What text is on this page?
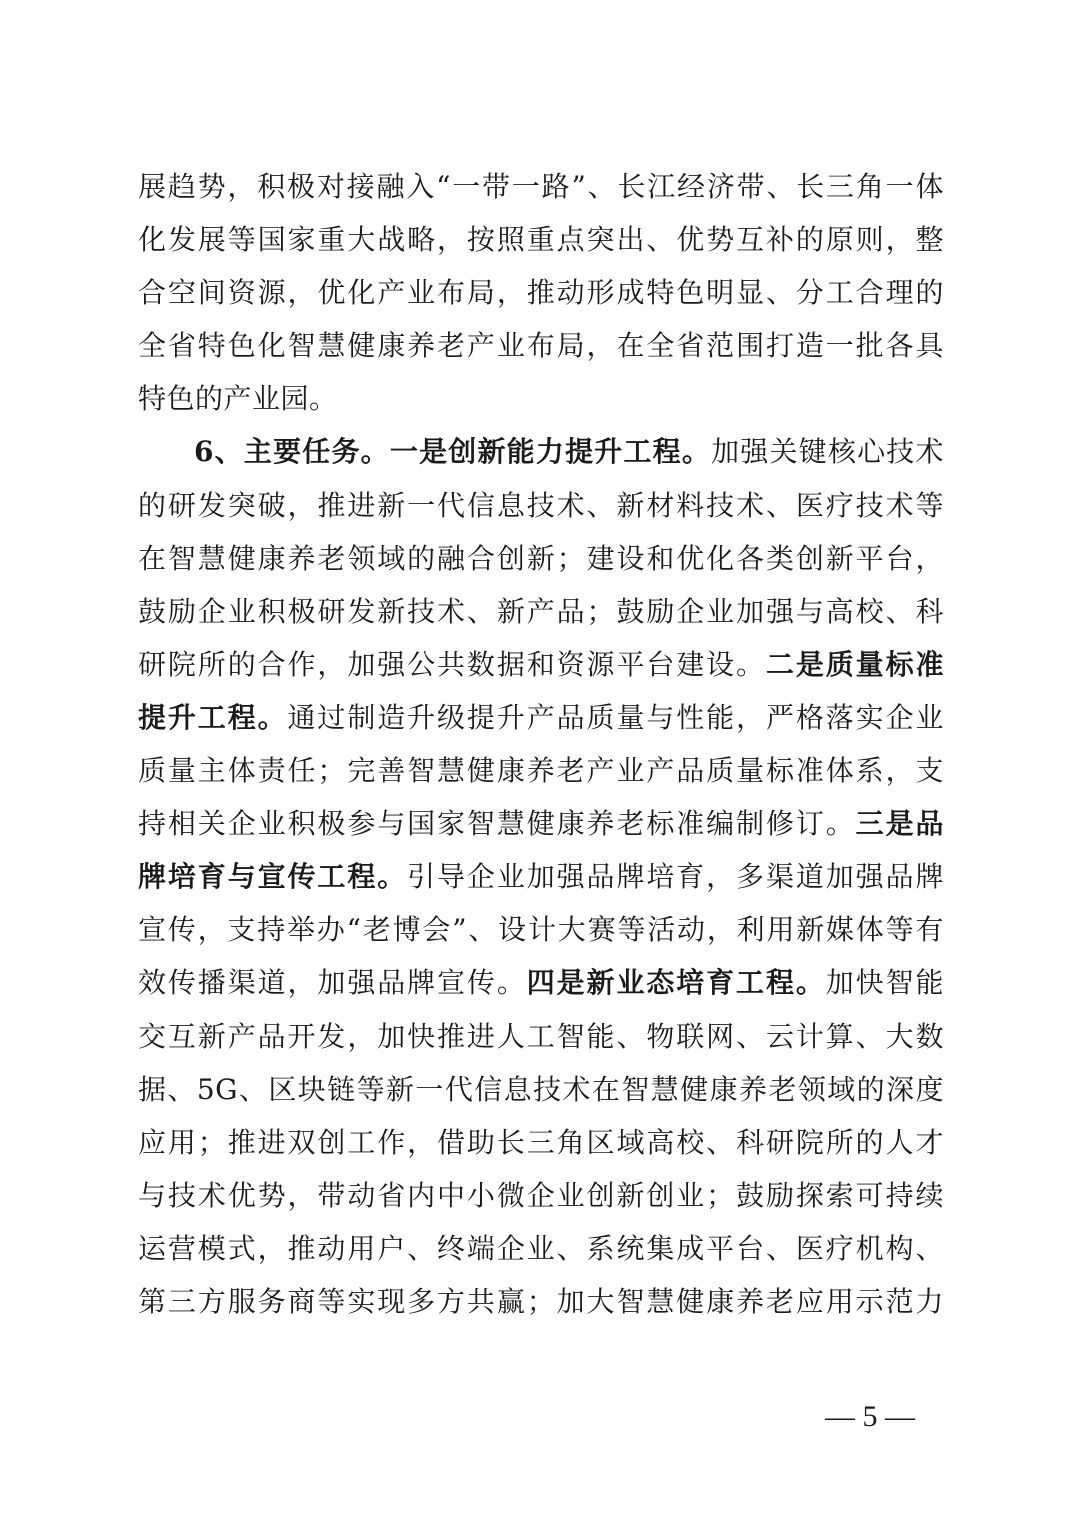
展趋势，积极对接融入“一带一路”、长江经济带、长三角一体
化发展等国家重大战略，按照重点突出、优势互补的原则，整
合空间资源，优化产业布局，推动形成特色明显、分工合理的
全省特色化智慧健康养老产业布局，在全省范围打造一批各具
特色的产业园。
6、主要任务。一是创新能力提升工程。加强关键核心技术
的研发突破，推进新一代信息技术、新材料技术、医疗技术等
在智慧健康养老领域的融合创新；建设和优化各类创新平台，
鼓励企业积极研发新技术、新产品；鼓励企业加强与高校、科
研院所的合作，加强公共数据和资源平台建设。二是质量标准
提升工程。通过制造升级提升产品质量与性能，严格落实企业
质量主体责任；完善智慧健康养老产业产品质量标准体系，支
持相关企业积极参与国家智慧健康养老标准编制修订。三是品
牌培育与宣传工程。引导企业加强品牌培育，多渠道加强品牌
宣传，支持举办“老博会”、设计大赛等活动，利用新媒体等有
效传播渠道，加强品牌宣传。四是新业态培育工程。加快智能
交互新产品开发，加快推进人工智能、物联网、云计算、大数
据、5G、区块链等新一代信息技术在智慧健康养老领域的深度
应用；推进双创工作，借助长三角区域高校、科研院所的人才
与技术优势，带动省内中小微企业创新创业；鼓励探索可持续
运营模式，推动用户、终端企业、系统集成平台、医疗机构、
第三方服务商等实现多方共赢；加大智慧健康养老应用示范力
— 5 —
